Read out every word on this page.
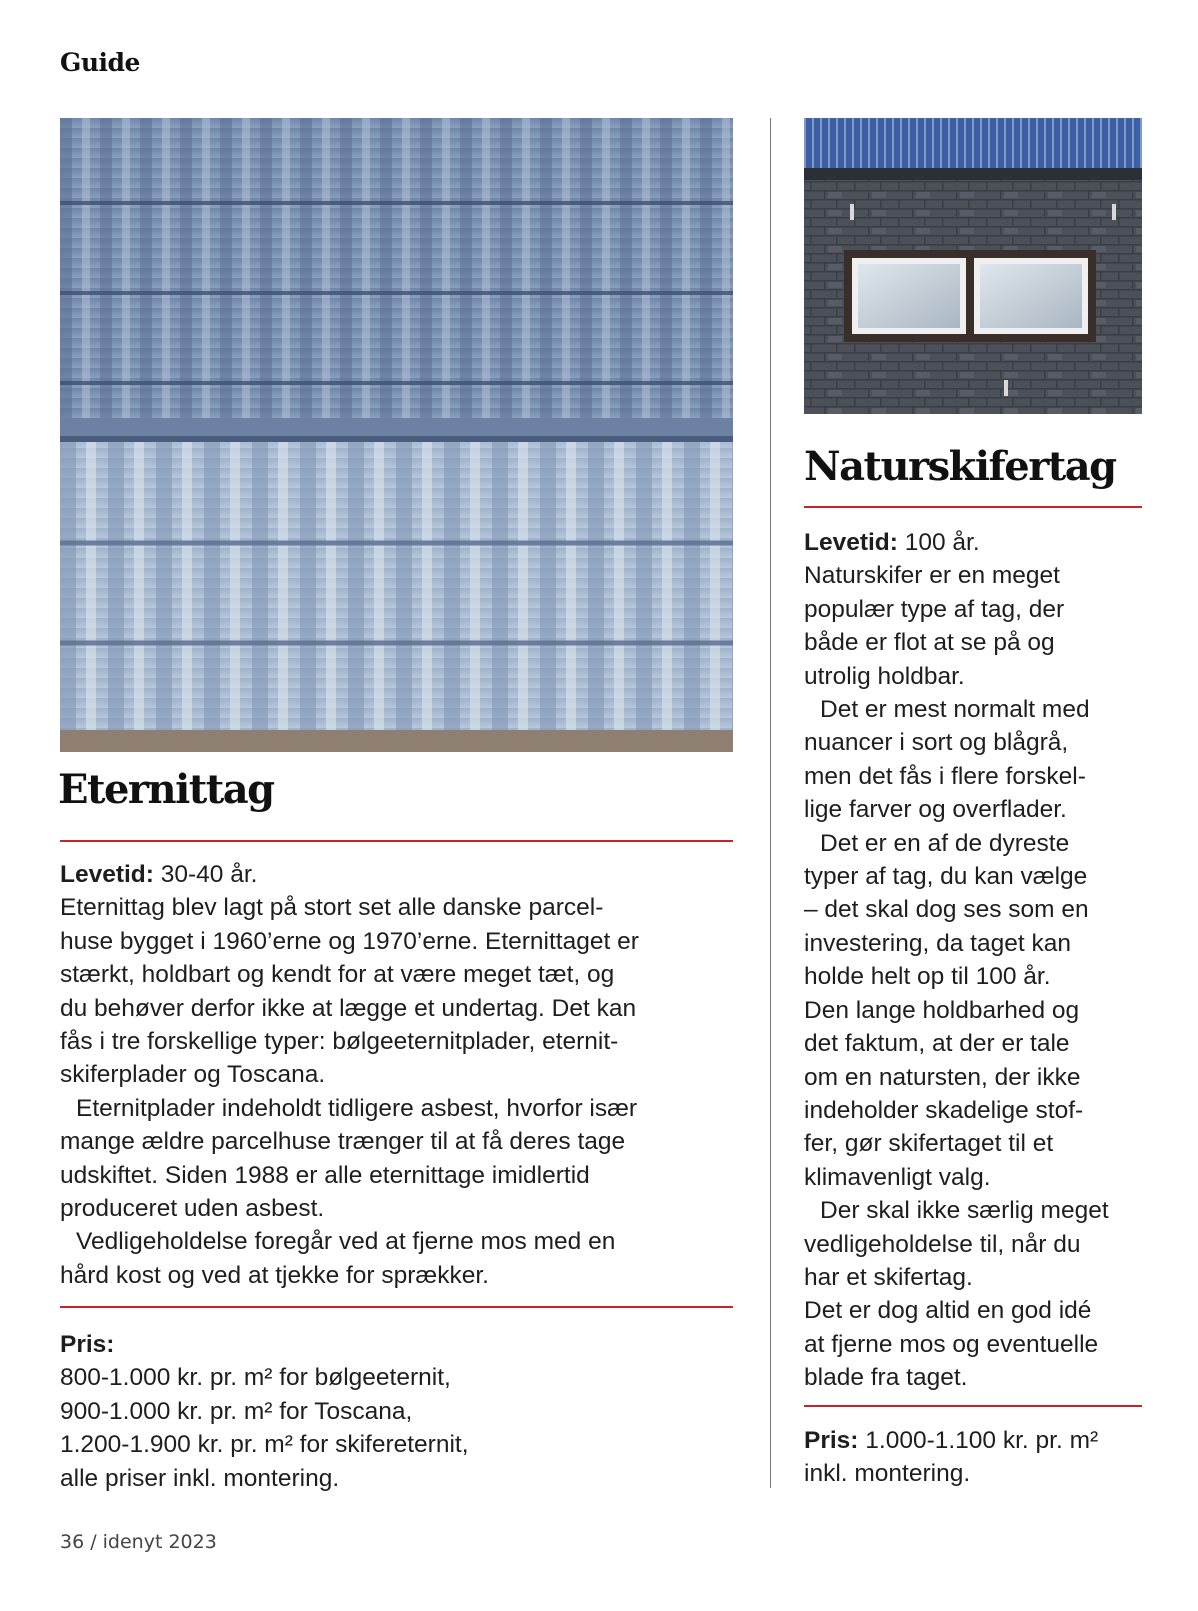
Guide
Eternittag

Levetid: 30-40 år.

Eternittag blev lagt på stort set alle danske parcel-

huse bygget i 1960’erne og 1970’erne. Eternittaget er

stærkt, holdbart og kendt for at være meget tæt, og

du behøver derfor ikke at lægge et undertag. Det kan

fås i tre forskellige typer: bølgeeternitplader, eternit-

skiferplader og Toscana.

Eternitplader indeholdt tidligere asbest, hvorfor især

mange ældre parcelhuse trænger til at få deres tage

udskiftet. Siden 1988 er alle eternittage imidlertid

produceret uden asbest.

Vedligeholdelse foregår ved at fjerne mos med en

hård kost og ved at tjekke for sprækker.

Pris:

800-1.000 kr. pr. m² for bølgeeternit,

900-1.000 kr. pr. m² for Toscana,

1.200-1.900 kr. pr. m² for skifereternit,

alle priser inkl. montering.

Naturskifertag

Levetid: 100 år.

Naturskifer er en meget

populær type af tag, der

både er flot at se på og

utrolig holdbar.

Det er mest normalt med

nuancer i sort og blågrå,

men det fås i flere forskel-

lige farver og overflader.

Det er en af de dyreste

typer af tag, du kan vælge

– det skal dog ses som en

investering, da taget kan

holde helt op til 100 år.

Den lange holdbarhed og

det faktum, at der er tale

om en natursten, der ikke

indeholder skadelige stof-

fer, gør skifertaget til et

klimavenligt valg.

Der skal ikke særlig meget

vedligeholdelse til, når du

har et skifertag.

Det er dog altid en god idé

at fjerne mos og eventuelle

blade fra taget.

Pris: 1.000-1.100 kr. pr. m²

inkl. montering.

36 / idenyt 2023
